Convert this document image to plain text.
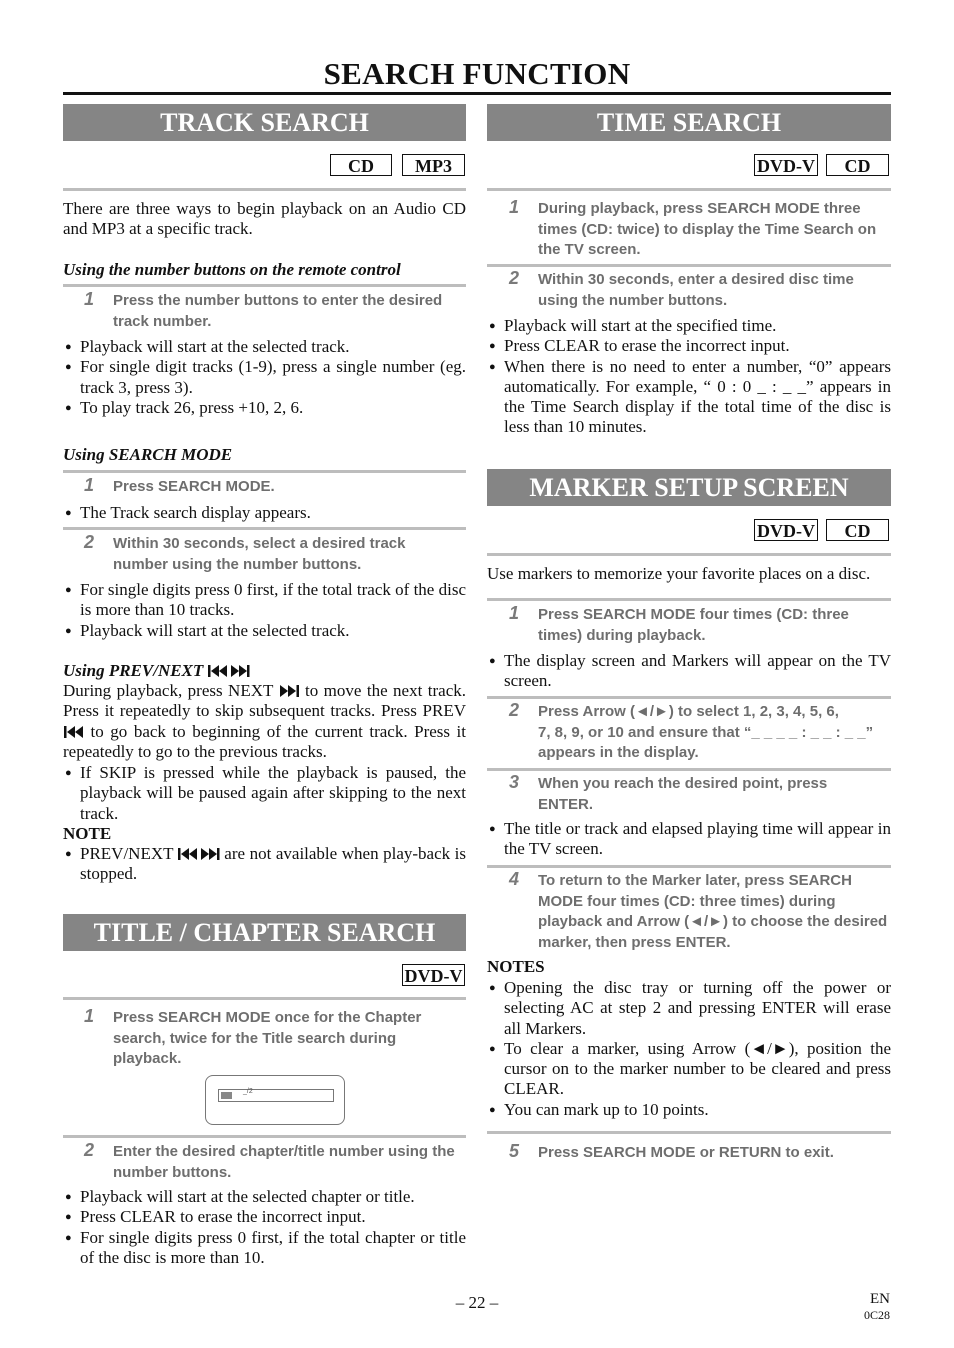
SEARCH FUNCTION
TRACK SEARCH
CD	MP3
There are three ways to begin playback on an Audio CD and MP3 at a specific track.
Using the number buttons on the remote control
1 Press the number buttons to enter the desired track number.
● Playback will start at the selected track.
● For single digit tracks (1-9), press a single number (eg. track 3, press 3).
● To play track 26, press +10, 2, 6.
Using SEARCH MODE
1 Press SEARCH MODE.
● The Track search display appears.
2 Within 30 seconds, select a desired track number using the number buttons.
● For single digits press 0 first, if the total track of the disc is more than 10 tracks.
● Playback will start at the selected track.
Using PREV/NEXT
During playback, press NEXT to move the next track. Press it repeatedly to skip subsequent tracks. Press PREV to go back to beginning of the current track. Press it repeatedly to go to the previous tracks.
● If SKIP is pressed while the playback is paused, the playback will be paused again after skipping to the next track.
NOTE
● PREV/NEXT	are not available when play-back is stopped.
TITLE / CHAPTER SEARCH
DVD-V
1 Press SEARCH MODE once for the Chapter search, twice for the Title search during playback.
_/2
2 Enter the desired chapter/title number using the number buttons.
● Playback will start at the selected chapter or title.
● Press CLEAR to erase the incorrect input.
● For single digits press 0 first, if the total chapter or title of the disc is more than 10.
TIME SEARCH
DVD-V	CD
1 During playback, press SEARCH MODE three times (CD: twice) to display the Time Search on the TV screen.
2 Within 30 seconds, enter a desired disc time using the number buttons.
● Playback will start at the specified time.
● Press CLEAR to erase the incorrect input.
● When there is no need to enter a number, “0” appears automatically. For example, “ 0 : 0 _ : _ _” appears in the Time Search display if the total time of the disc is less than 10 minutes.
MARKER SETUP SCREEN
DVD-V	CD
Use markers to memorize your favorite places on a disc.
1 Press SEARCH MODE four times (CD: three times) during playback.
● The display screen and Markers will appear on the TV screen.
2 Press Arrow (◄/►) to select 1, 2, 3, 4, 5, 6,
7, 8, 9, or 10 and ensure that “_ _ _ _ : _ _ : _ _”
appears in the display.
3 When you reach the desired point, press ENTER.
● The title or track and elapsed playing time will appear in the TV screen.
4 To return to the Marker later, press SEARCH MODE four times (CD: three times) during playback and Arrow (◄/►) to choose the desired marker, then press ENTER.
NOTES
● Opening the disc tray or turning off the power or selecting AC at step 2 and pressing ENTER will erase all Markers.
● To clear a marker, using Arrow (◄/►), position the cursor on to the marker number to be cleared and press CLEAR.
● You can mark up to 10 points.
5 Press SEARCH MODE or RETURN to exit.
– 22 –	EN
0C28
